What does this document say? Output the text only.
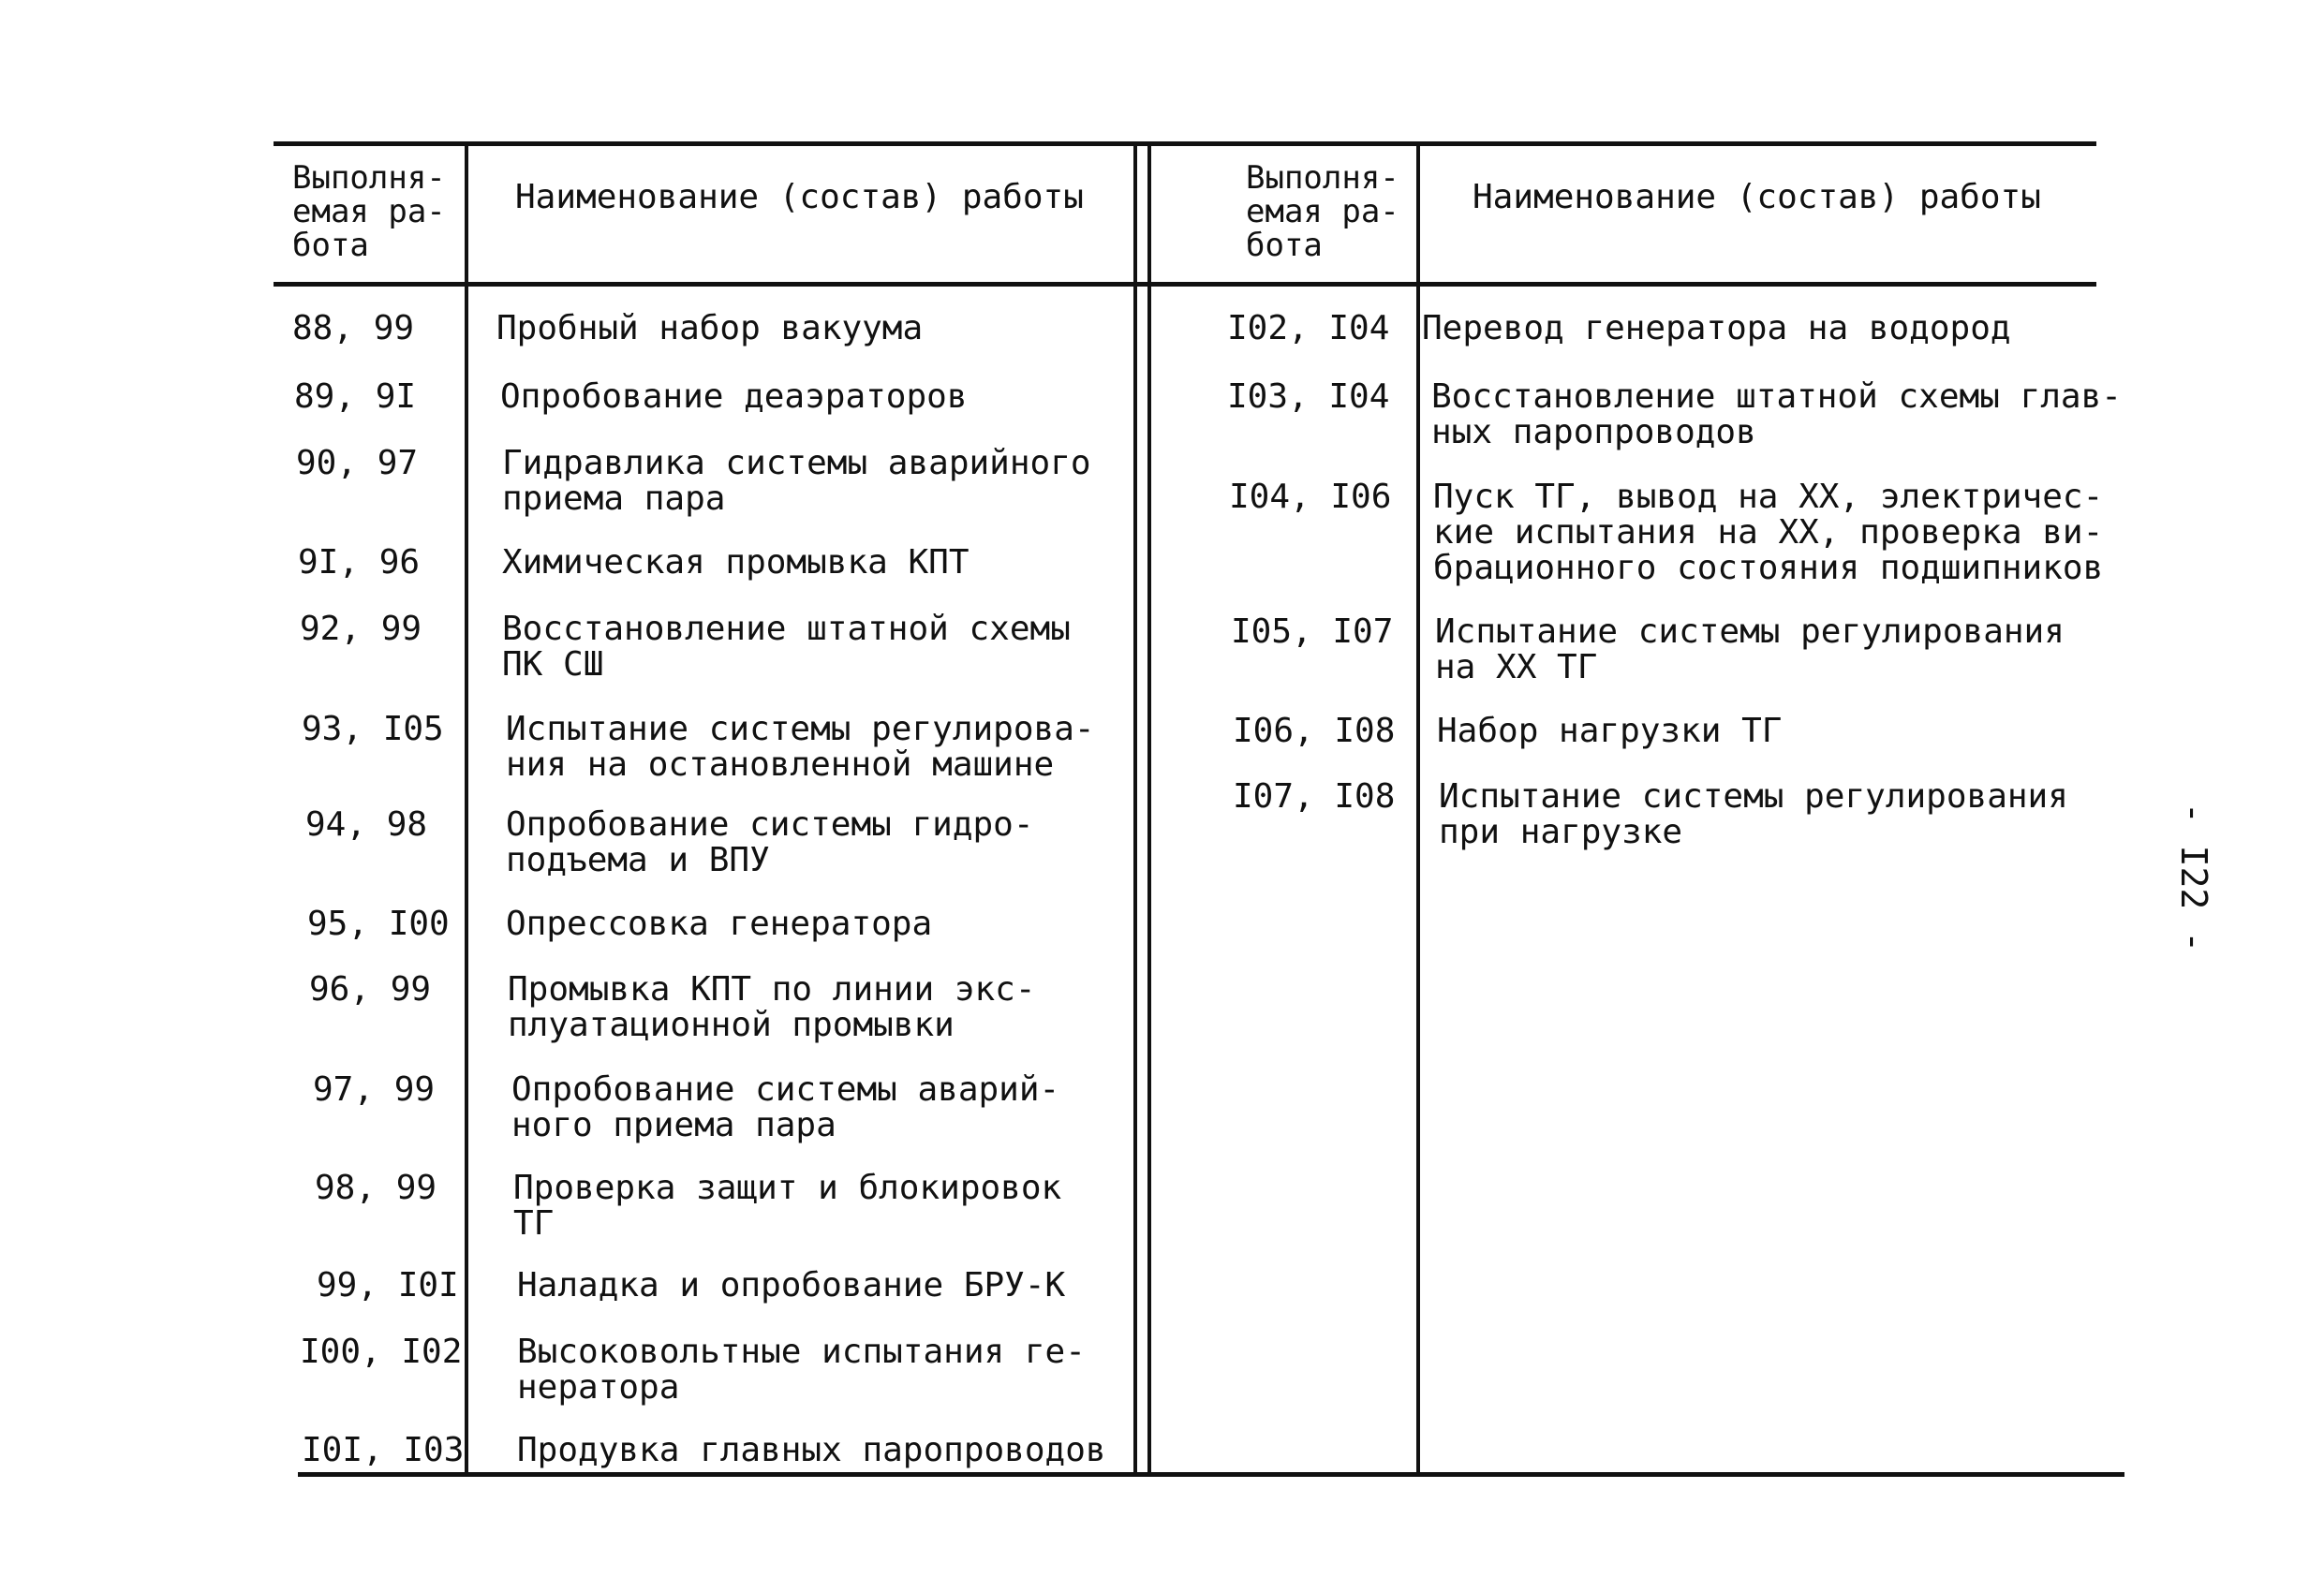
Выполня-
емая ра-
бота
Наименование (состав) работы	Выполня-
емая ра-
бота
Наименование (состав) работы
88, 99 Пробный набор вакуума
89, 9I Опробование деаэраторов
90, 97 Гидравлика системы аварийного
приема пара
9I, 96 Химическая промывка КПТ
92, 99 Восстановление штатной схемы
ПК СШ
93, I05 Испытание системы регулирова-
ния на остановленной машине
94, 98 Опробование системы гидро-
подъема и ВПУ
95, I00 Опрессовка генератора
96, 99 Промывка КПТ по линии экс-
плуатационной промывки
97, 99 Опробование системы аварий-
ного приема пара
98, 99 Проверка защит и блокировок
ТГ
99, I0I Наладка и опробование БРУ-К
I00, I02 Высоковольтные испытания ге-
нератора
I0I, I03 Продувка главных паропроводов
I02, I04 Перевод генератора на водород
I03, I04 Восстановление штатной схемы глав-
ных паропроводов
I04, I06 Пуск ТГ, вывод на XX, электричес-
кие испытания на XX, проверка ви-
брационного состояния подшипников
I05, I07 Испытание системы регулирования
на XX ТГ
I06, I08 Набор нагрузки ТГ
I07, I08 Испытание системы регулирования
при нагрузке	- I22 -
